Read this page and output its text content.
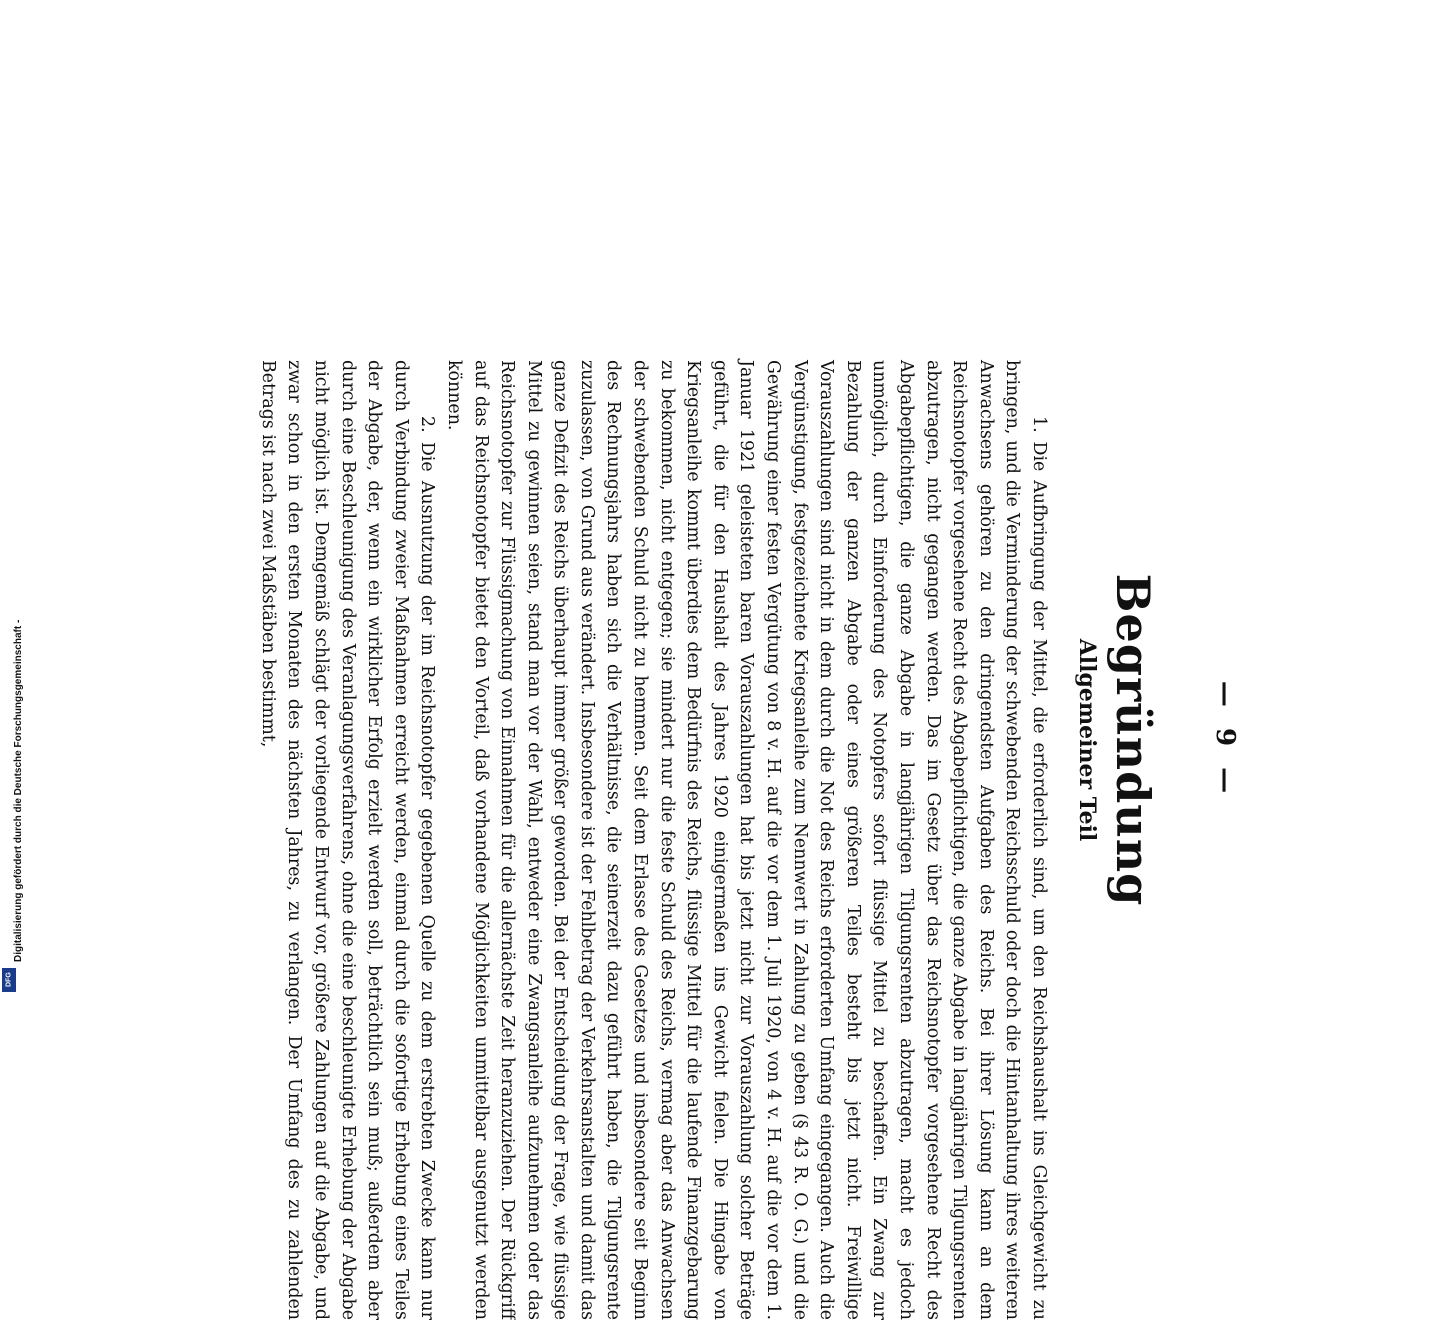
Digitalisierung gefördert durch die Deutsche Forschungsgemeinschaft -
DFG
— 9 —
Begründung
Allgemeiner Teil

1. Die Aufbringung der Mittel, die erforderlich sind, um den Reichshaushalt ins Gleichgewicht zu bringen, und die Verminderung der schwebenden Reichsschuld oder doch die Hintanhaltung ihres weiteren Anwachsens gehören zu den dringendsten Aufgaben des Reichs. Bei ihrer Lösung kann an dem Reichsnotopfer vorgesehene Recht des Abgabepflichtigen, die ganze Abgabe in langjährigen Tilgungsrenten abzutragen, nicht gegangen werden. Das im Gesetz über das Reichsnotopfer vorgesehene Recht des Abgabepflichtigen, die ganze Abgabe in langjährigen Tilgungsrenten abzutragen, macht es jedoch unmöglich, durch Einforderung des Notopfers sofort flüssige Mittel zu beschaffen. Ein Zwang zur Bezahlung der ganzen Abgabe oder eines größeren Teiles besteht bis jetzt nicht. Freiwillige Vorauszahlungen sind nicht in dem durch die Not des Reichs erforderten Umfang eingegangen. Auch die Vergünstigung, festgezeichnete Kriegsanleihe zum Nennwert in Zahlung zu geben (§ 43 R. O. G.) und die Gewährung einer festen Vergütung von 8 v. H. auf die vor dem 1. Juli 1920, von 4 v. H. auf die vor dem 1. Januar 1921 geleisteten baren Vorauszahlungen hat bis jetzt nicht zur Vorauszahlung solcher Beträge geführt, die für den Haushalt des Jahres 1920 einigermaßen ins Gewicht fielen. Die Hingabe von Kriegsanleihe kommt überdies dem Bedürfnis des Reichs, flüssige Mittel für die laufende Finanzgebarung zu bekommen, nicht entgegen; sie mindert nur die feste Schuld des Reichs, vermag aber das Anwachsen der schwebenden Schuld nicht zu hemmen. Seit dem Erlasse des Gesetzes und insbesondere seit Beginn des Rechnungsjahrs haben sich die Verhältnisse, die seinerzeit dazu geführt haben, die Tilgungsrente zuzulassen, von Grund aus verändert. Insbesondere ist der Fehlbetrag der Verkehrsanstalten und damit das ganze Defizit des Reichs überhaupt immer größer geworden. Bei der Entscheidung der Frage, wie flüssige Mittel zu gewinnen seien, stand man vor der Wahl, entweder eine Zwangsanleihe aufzunehmen oder das Reichsnotopfer zur Flüssigmachung von Einnahmen für die allernächste Zeit heranzuziehen. Der Rückgriff auf das Reichsnotopfer bietet den Vorteil, daß vorhandene Möglichkeiten unmittelbar ausgenutzt werden können.

2. Die Ausnutzung der im Reichsnotopfer gegebenen Quelle zu dem erstrebten Zwecke kann nur durch Verbindung zweier Maßnahmen erreicht werden, einmal durch die sofortige Erhebung eines Teiles der Abgabe, der, wenn ein wirklicher Erfolg erzielt werden soll, beträchtlich sein muß; außerdem aber durch eine Beschleunigung des Veranlagungsverfahrens, ohne die eine beschleunigte Erhebung der Abgabe nicht möglich ist. Demgemäß schlägt der vorliegende Entwurf vor, größere Zahlungen auf die Abgabe, und zwar schon in den ersten Monaten des nächsten Jahres, zu verlangen. Der Umfang des zu zahlenden Betrags ist nach zwei Maßstäben bestimmt,
